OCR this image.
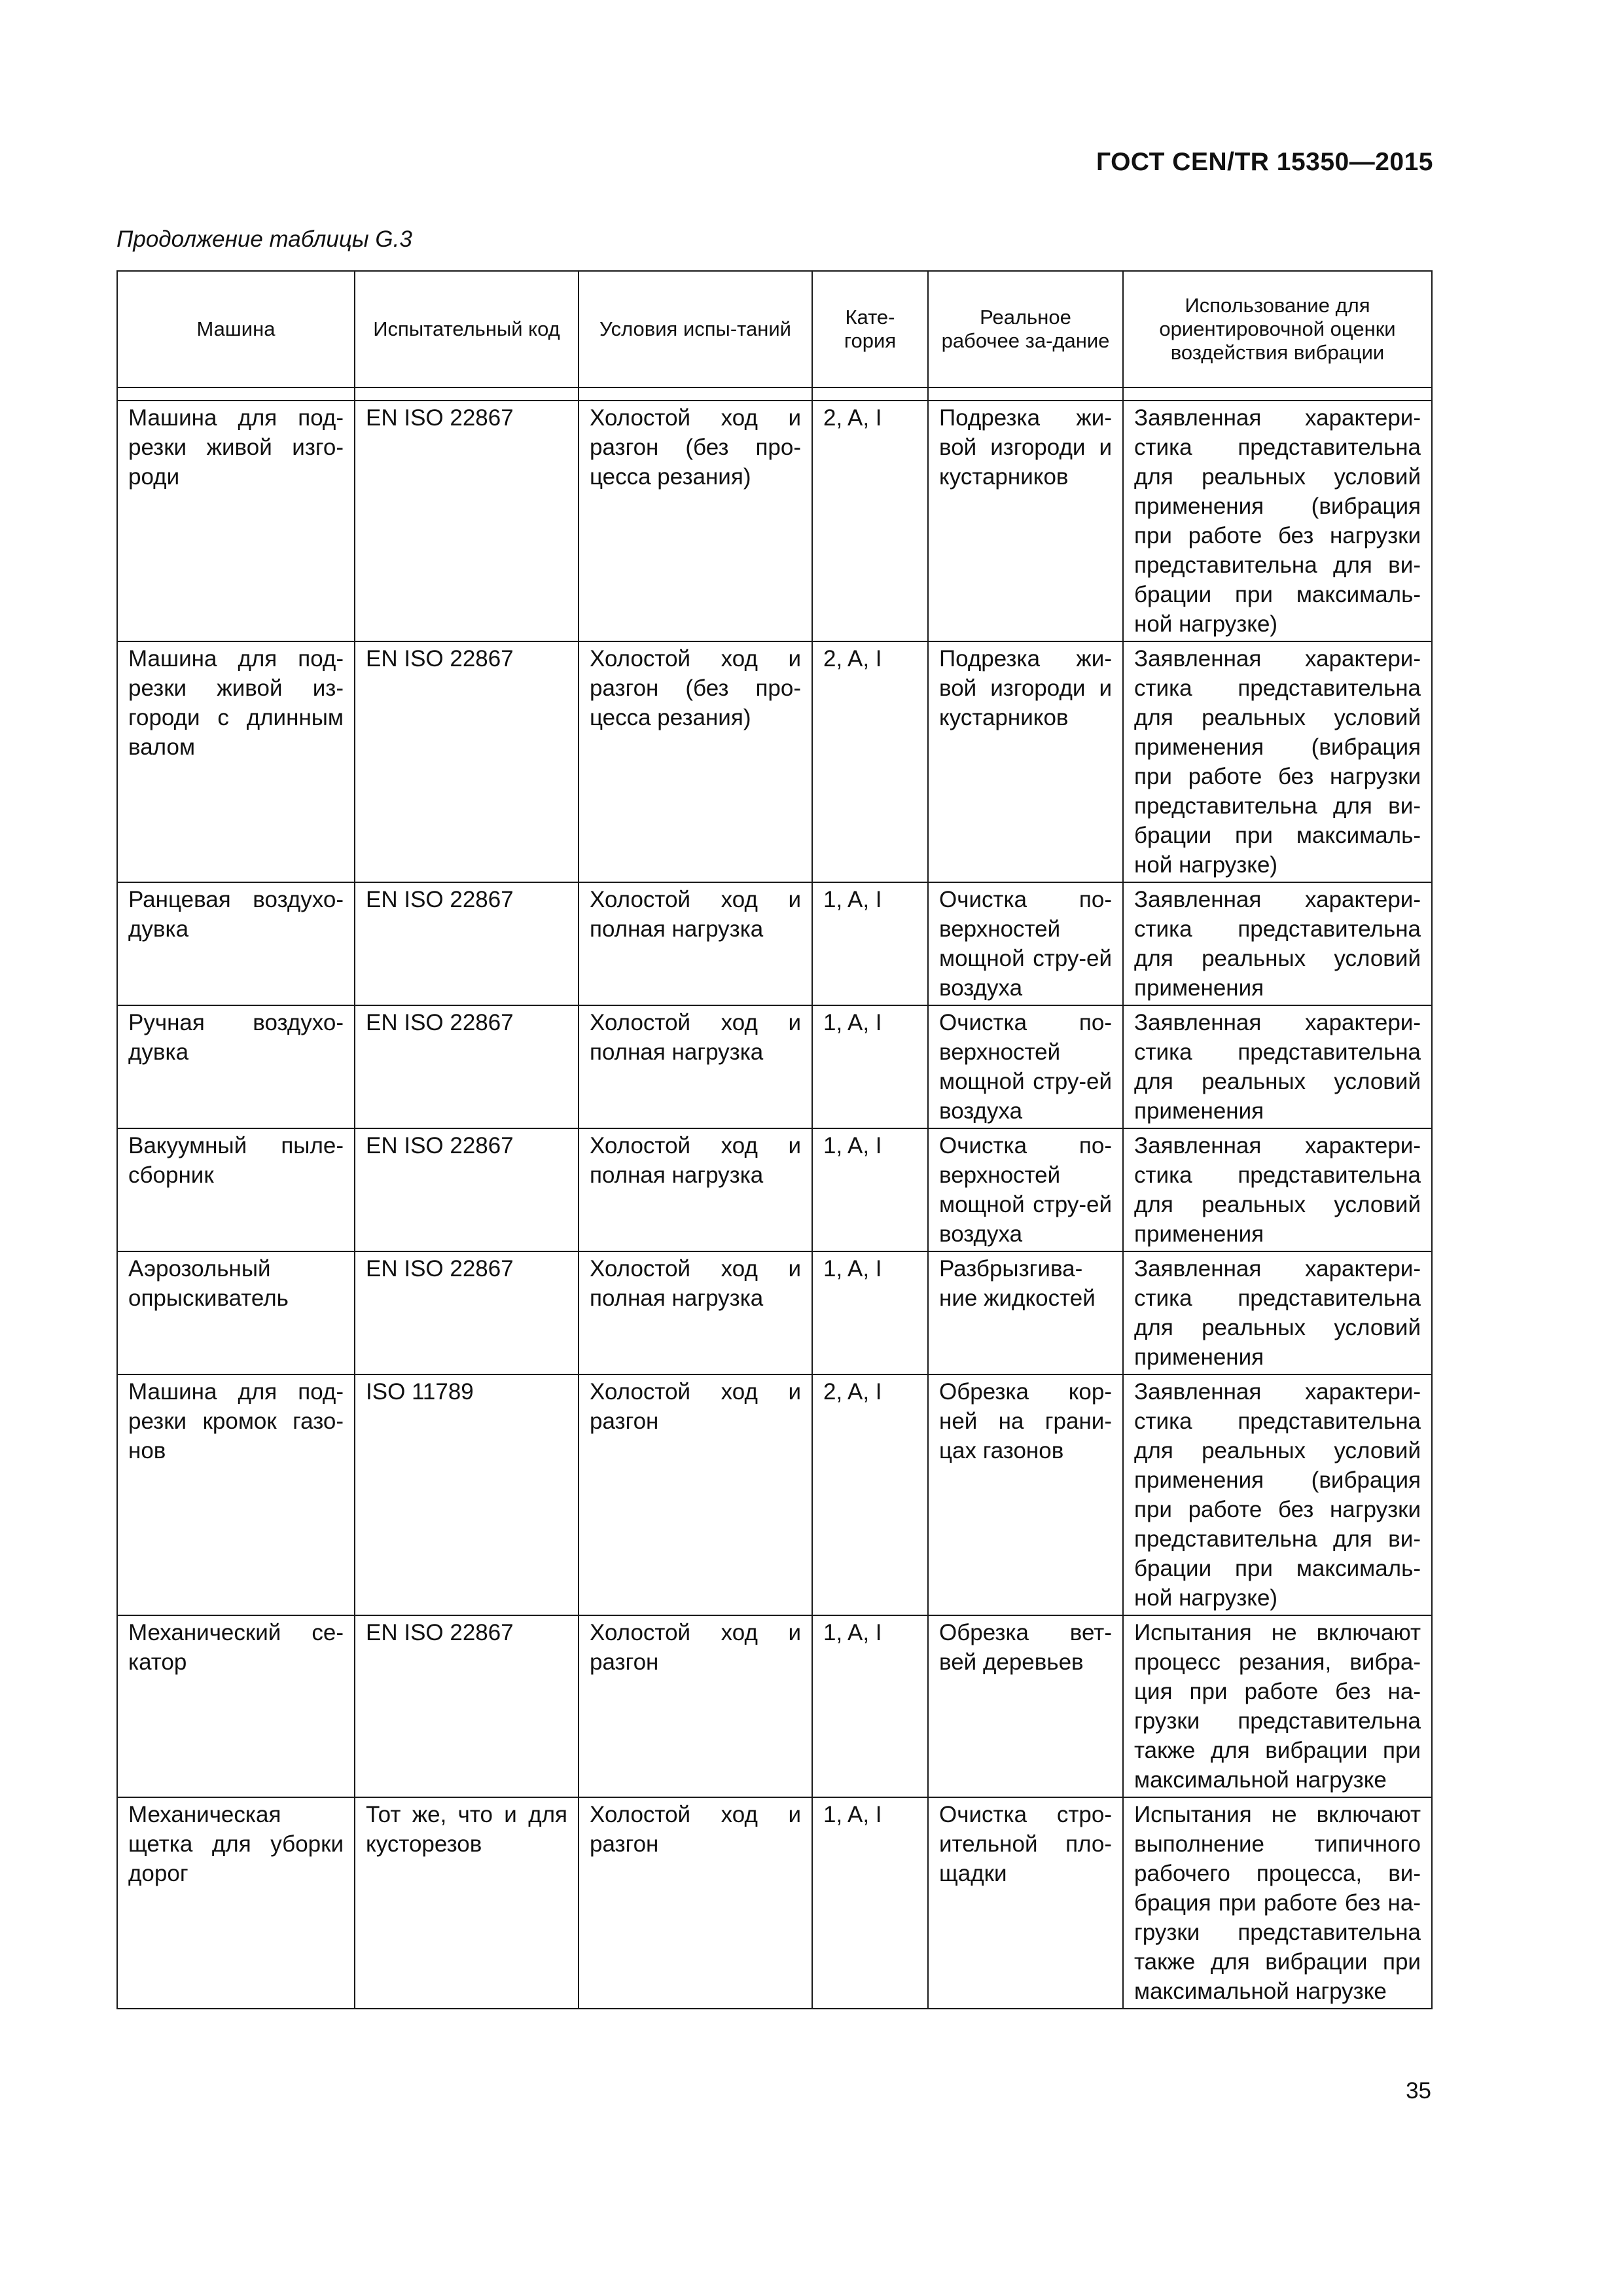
ГОСТ CEN/TR 15350—2015
Продолжение таблицы G.3
Машина	Испытательный код	Условия испы-таний	Кате-гория	Реальное рабочее за-дание	Использование для ориентировочной оценки воздействия вибрации

Машина для под-резки живой изго-роди	EN ISO 22867	Холостой ход и разгон (без про-цесса резания)	2, A, I	Подрезка жи-вой изгороди и кустарников	Заявленная характери-стика представительна для реальных условий применения (вибрация при работе без нагрузки представительна для ви-брации при максималь-ной нагрузке)
Машина для под-резки живой из-городи с длинным валом	EN ISO 22867	Холостой ход и разгон (без про-цесса резания)	2, A, I	Подрезка жи-вой изгороди и кустарников	Заявленная характери-стика представительна для реальных условий применения (вибрация при работе без нагрузки представительна для ви-брации при максималь-ной нагрузке)
Ранцевая воздухо-дувка	EN ISO 22867	Холостой ход и полная нагрузка	1, A, I	Очистка по-верхностей мощной стру-ей воздуха	Заявленная характери-стика представительна для реальных условий применения
Ручная воздухо-дувка	EN ISO 22867	Холостой ход и полная нагрузка	1, A, I	Очистка по-верхностей мощной стру-ей воздуха	Заявленная характери-стика представительна для реальных условий применения
Вакуумный пыле-сборник	EN ISO 22867	Холостой ход и полная нагрузка	1, A, I	Очистка по-верхностей мощной стру-ей воздуха	Заявленная характери-стика представительна для реальных условий применения
Аэрозольный опрыскиватель	EN ISO 22867	Холостой ход и полная нагрузка	1, A, I	Разбрызгива-ние жидкостей	Заявленная характери-стика представительна для реальных условий применения
Машина для под-резки кромок газо-нов	ISO 11789	Холостой ход и разгон	2, A, I	Обрезка кор-ней на грани-цах газонов	Заявленная характери-стика представительна для реальных условий применения (вибрация при работе без нагрузки представительна для ви-брации при максималь-ной нагрузке)
Механический се-катор	EN ISO 22867	Холостой ход и разгон	1, A, I	Обрезка вет-вей деревьев	Испытания не включают процесс резания, вибра-ция при работе без на-грузки представительна также для вибрации при максимальной нагрузке
Механическая щетка для уборки дорог	Тот же, что и для кусторезов	Холостой ход и разгон	1, A, I	Очистка стро-ительной пло-щадки	Испытания не включают выполнение типичного рабочего процесса, ви-брация при работе без на-грузки представительна также для вибрации при максимальной нагрузке
35
